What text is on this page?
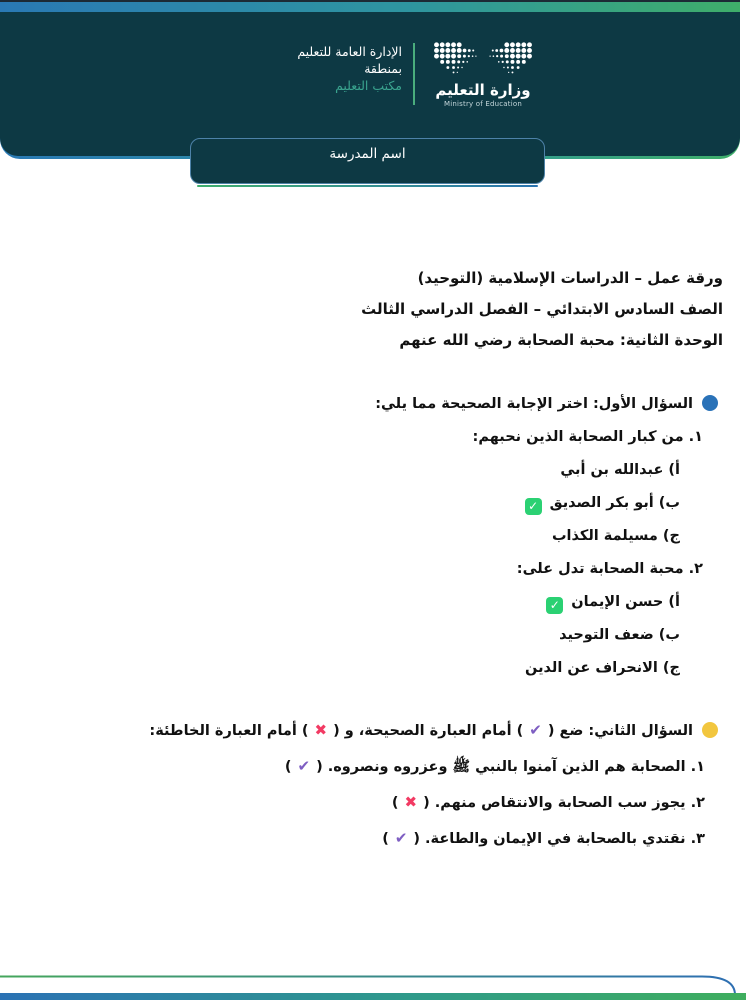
الإدارة العامة للتعليم
بمنطقة
مكتب التعليم	وزارة التعليم
Ministry of Education
اسم المدرسة
ورقة عمل – الدراسات الإسلامية (التوحيد)
الصف السادس الابتدائي – الفصل الدراسي الثالث
الوحدة الثانية: محبة الصحابة رضي الله عنهم
السؤال الأول: اختر الإجابة الصحيحة مما يلي:
١. من كبار الصحابة الذين نحبهم:
أ) عبدالله بن أبي
ب) أبو بكر الصديق✓
ج) مسيلمة الكذاب
٢. محبة الصحابة تدل على:
أ) حسن الإيمان✓
ب) ضعف التوحيد
ج) الانحراف عن الدين
السؤال الثاني: ضع( ✔ )أمام العبارة الصحيحة، و( ✖ )أمام العبارة الخاطئة:
١. الصحابة هم الذين آمنوا بالنبي ﷺ وعزروه ونصروه.( ✔ )
٢. يجوز سب الصحابة والانتقاص منهم.( ✖ )
٣. نقتدي بالصحابة في الإيمان والطاعة.( ✔ )
